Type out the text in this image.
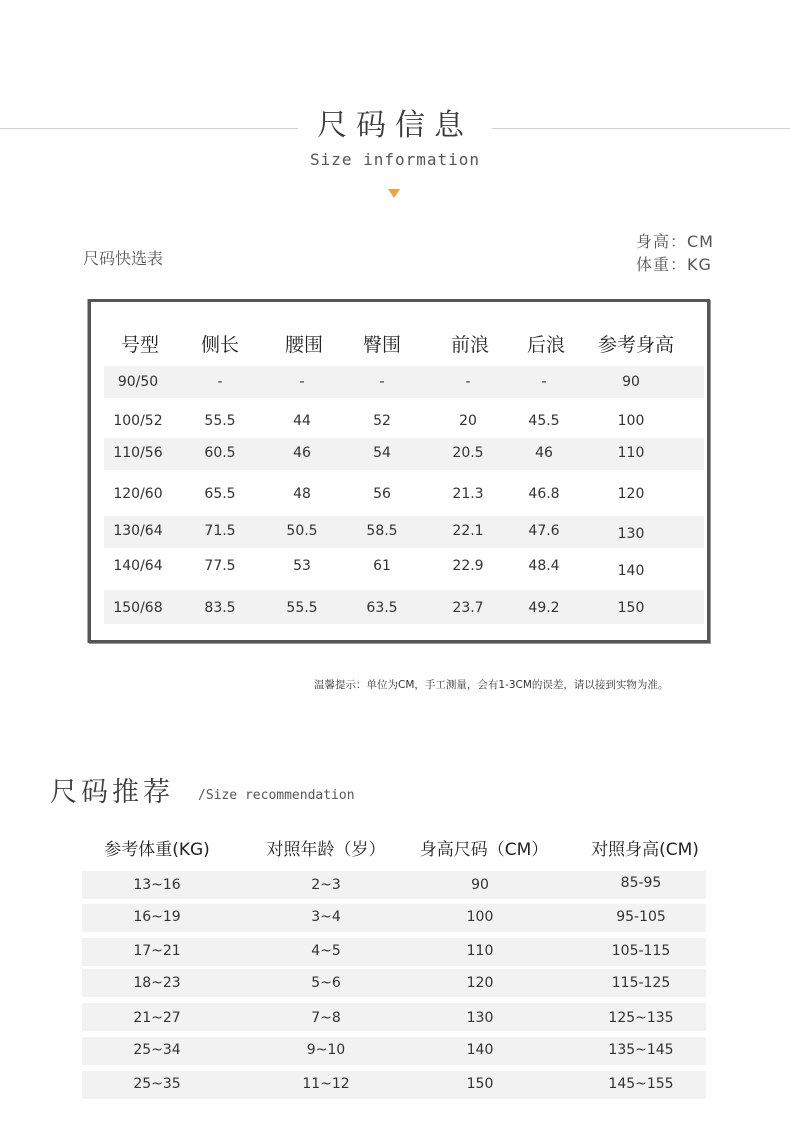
尺码信息
Size information
尺码快选表
身高：CM
体重：KG
号型	侧长	腰围	臀围	前浪	后浪	参考身高
90/50	-	-	-	-	-	90
100/52	55.5	44	52	20	45.5	100
110/56	60.5	46	54	20.5	46	110
120/60	65.5	48	56	21.3	46.8	120
130/64	71.5	50.5	58.5	22.1	47.6	130
140/64	77.5	53	61	22.9	48.4	140
150/68	83.5	55.5	63.5	23.7	49.2	150
温馨提示：单位为CM，手工测量，会有1-3CM的误差，请以接到实物为准。
尺码推荐 /Size recommendation
参考体重(KG)	对照年龄（岁）	身高尺码（CM）	对照身高(CM)
13~16	2~3	90	85-95
16~19	3~4	100	95-105
17~21	4~5	110	105-115
18~23	5~6	120	115-125
21~27	7~8	130	125~135
25~34	9~10	140	135~145
25~35	11~12	150	145~155
